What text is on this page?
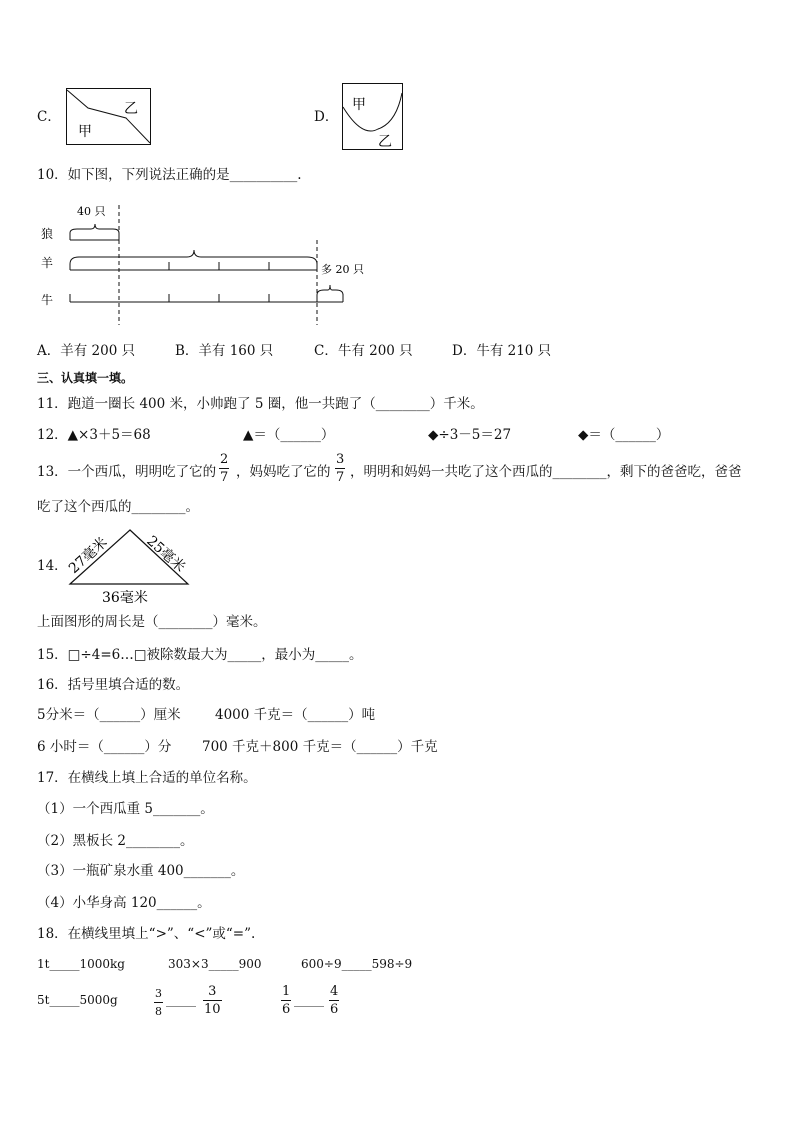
C．	乙
甲
D．
甲
乙
10．如下图，下列说法正确的是__________.
狼
羊
牛
40 只
多 20 只
A．羊有 200 只	B．羊有 160 只	C．牛有 200 只	D．牛有 210 只
三、认真填一填。
11．跑道一圈长 400 米，小帅跑了 5 圈，他一共跑了（________）千米。
12．▲×3＋5＝68	▲＝（______）	◆÷3－5＝27	◆＝（______）
13．一个西瓜，明明吃了它的
2
7 ，妈妈吃了它的
3
7 ，明明和妈妈一共吃了这个西瓜的________，剩下的爸爸吃，爸爸
吃了这个西瓜的________。
14．
27毫米 25毫米
36毫米
上面图形的周长是（________）毫米。
15．□÷4=6…□被除数最大为_____，最小为_____。
16．括号里填合适的数。
5分米＝（______）厘米	4000 千克＝（______）吨
6 小时＝（______）分 700 千克＋800 千克＝（______）千克
17．在横线上填上合适的单位名称。
（1）一个西瓜重 5_______。
（2）黑板长 2________。
（3）一瓶矿泉水重 400_______。
（4）小华身高 120______。
18．在横线里填上“>”、“<”或“=”.
1t_____1000kg	303×3_____900	600÷9_____598÷9
5t_____5000g	3
8
_____
3
10
1
6
_____
4
6
